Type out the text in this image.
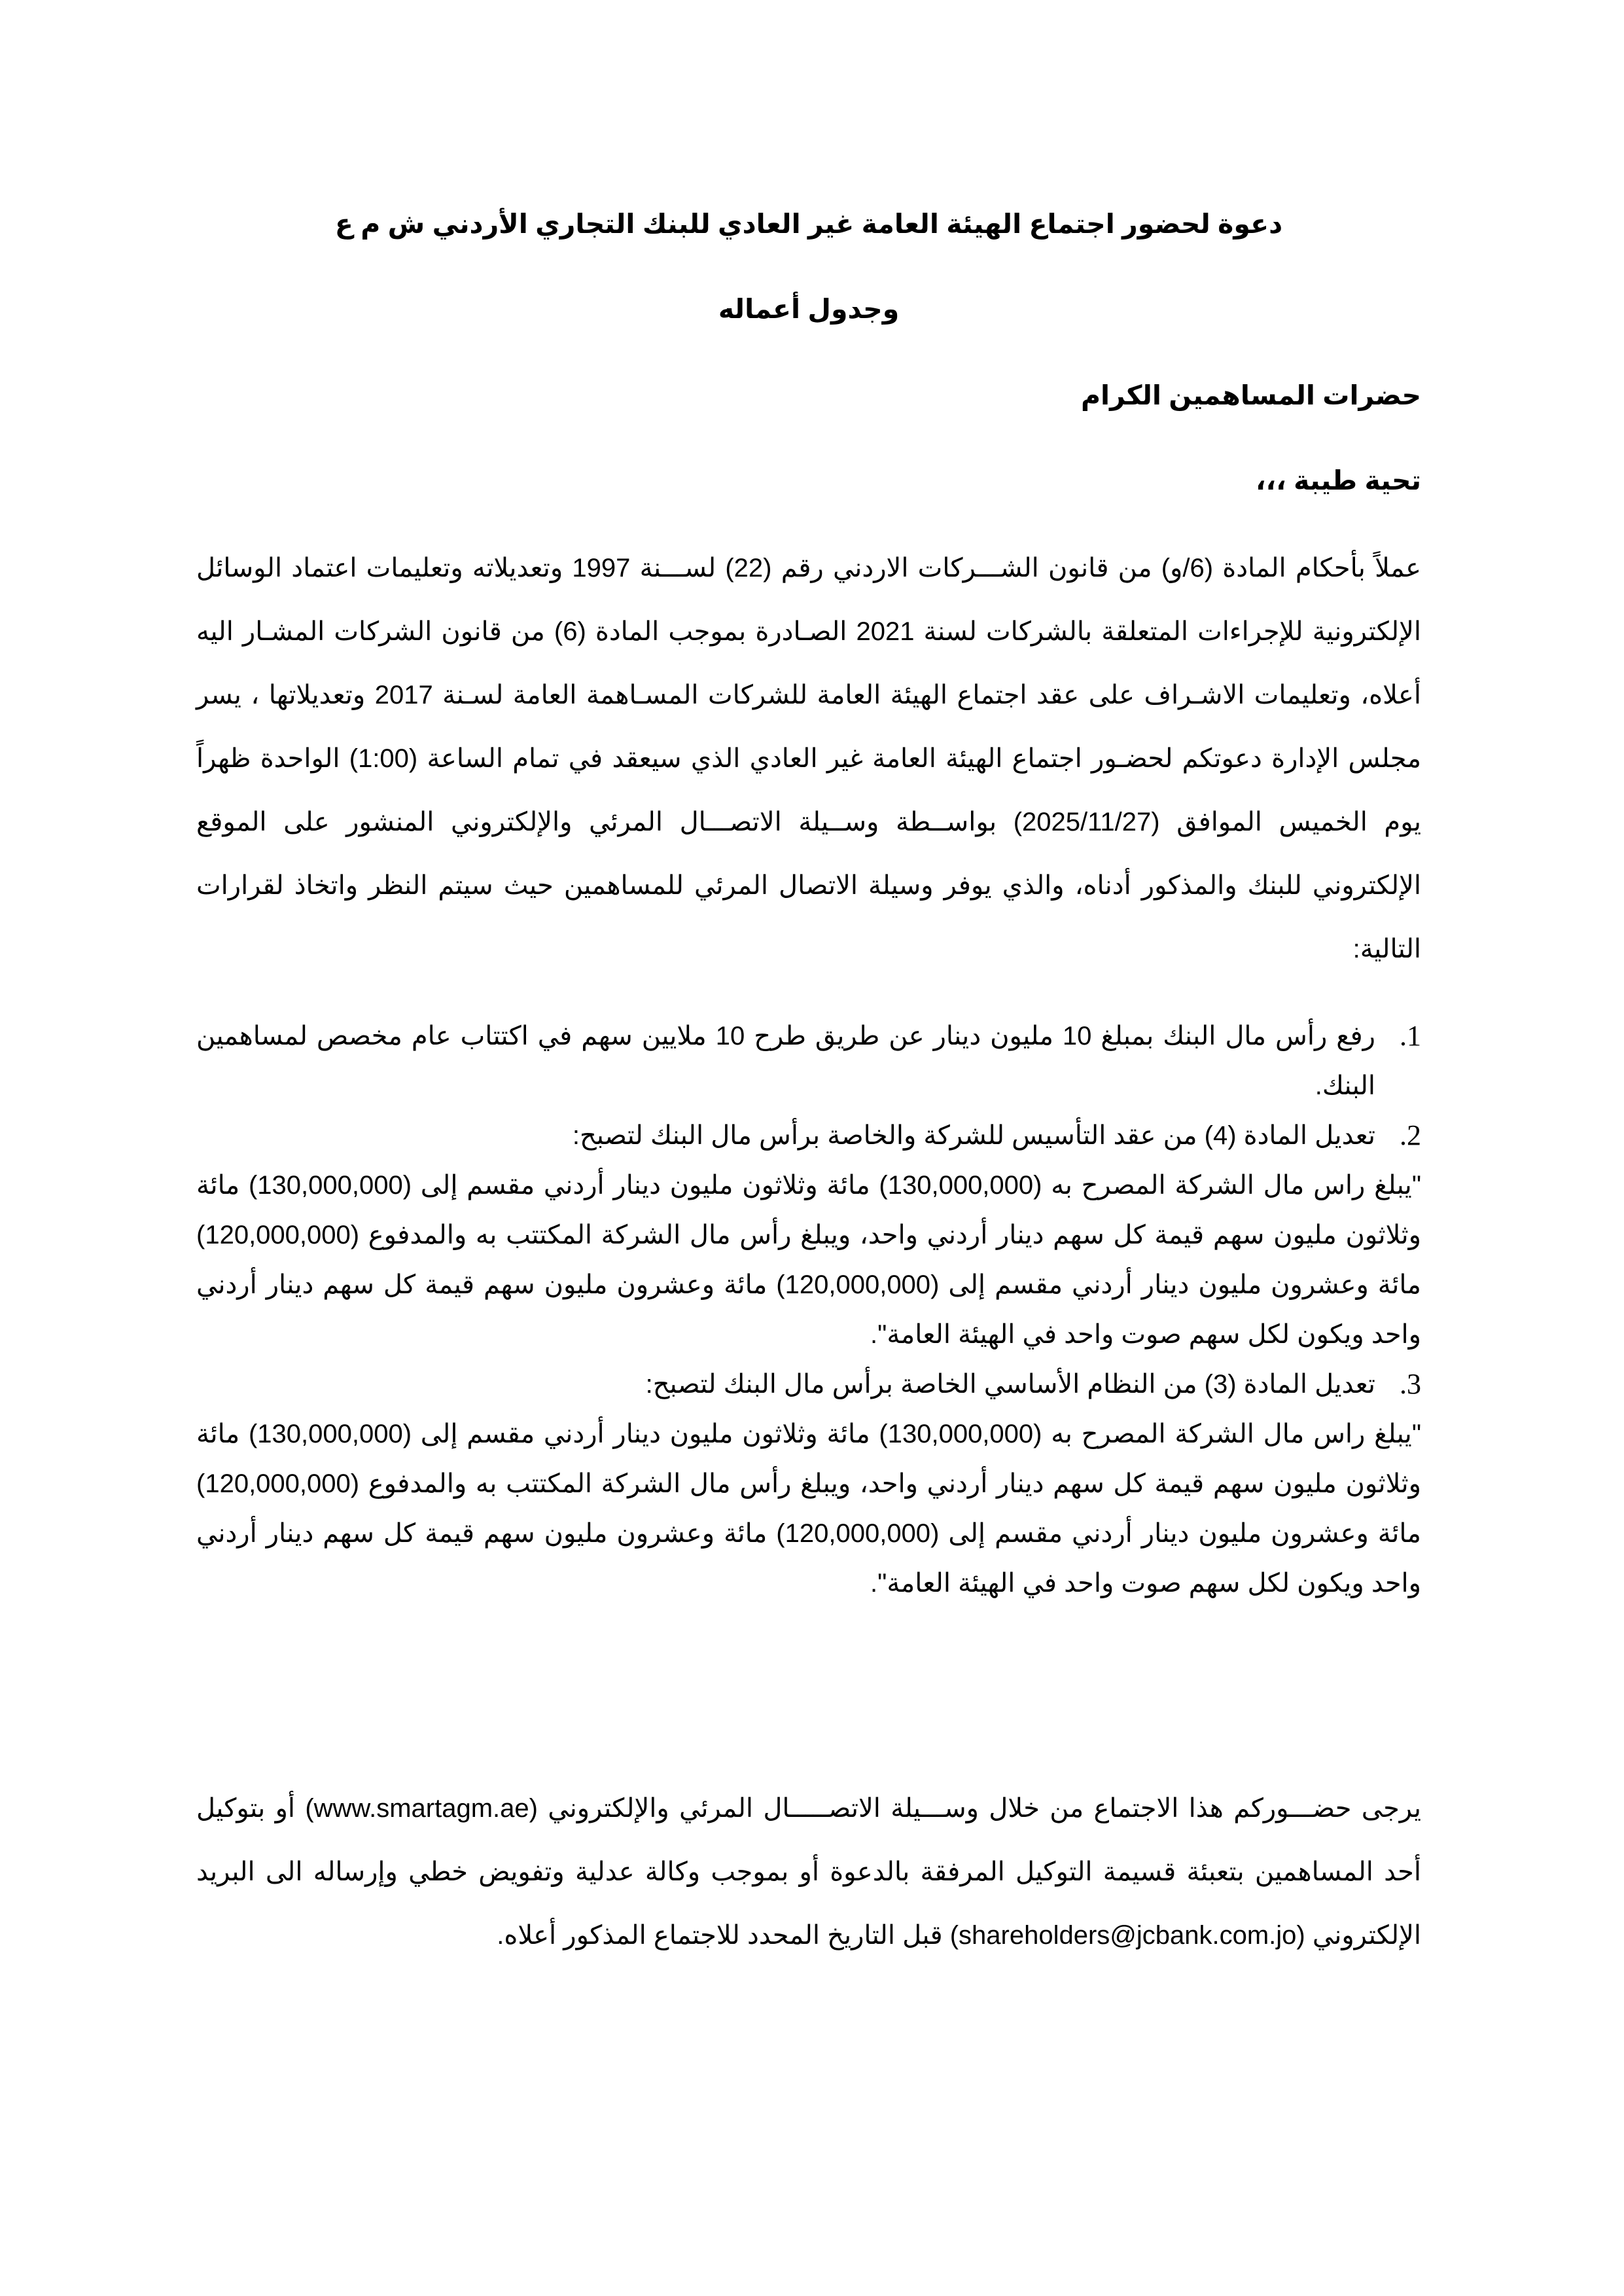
دعوة لحضور اجتماع الهيئة العامة غير العادي للبنك التجاري الأردني ش م ع
وجدول أعماله
حضرات المساهمين الكرام
تحية طيبة ،،،
عملاً بأحكام المادة (6/و) من قانون الشـــركات الاردني رقم (22) لســـنة 1997 وتعديلاته وتعليمات اعتماد الوسائل الإلكترونية للإجراءات المتعلقة بالشركات لسنة 2021 الصـادرة بموجب المادة (6) من قانون الشركات المشـار اليه أعلاه، وتعليمات الاشـراف على عقد اجتماع الهيئة العامة للشركات المسـاهمة العامة لسـنة 2017 وتعديلاتها ، يسر مجلس الإدارة دعوتكم لحضـور اجتماع الهيئة العامة غير العادي الذي سيعقد في تمام الساعة (1:00) الواحدة ظهراً يوم الخميس الموافق (2025/11/27) بواســطة وســيلة الاتصـــال المرئي والإلكتروني المنشور على الموقع الإلكتروني للبنك والمذكور أدناه، والذي يوفر وسيلة الاتصال المرئي للمساهمين حيث سيتم النظر واتخاذ لقرارات التالية:
1.
رفع رأس مال البنك بمبلغ 10 مليون دينار عن طريق طرح 10 ملايين سهم في اكتتاب عام مخصص لمساهمين البنك.
2.
تعديل المادة (4) من عقد التأسيس للشركة والخاصة برأس مال البنك لتصبح:
"يبلغ راس مال الشركة المصرح به (130,000,000) مائة وثلاثون مليون دينار أردني مقسم إلى (130,000,000) مائة وثلاثون مليون سهم قيمة كل سهم دينار أردني واحد، ويبلغ رأس مال الشركة المكتتب به والمدفوع (120,000,000) مائة وعشرون مليون دينار أردني مقسم إلى (120,000,000) مائة وعشرون مليون سهم قيمة كل سهم دينار أردني واحد ويكون لكل سهم صوت واحد في الهيئة العامة".
3.
تعديل المادة (3) من النظام الأساسي الخاصة برأس مال البنك لتصبح:
"يبلغ راس مال الشركة المصرح به (130,000,000) مائة وثلاثون مليون دينار أردني مقسم إلى (130,000,000) مائة وثلاثون مليون سهم قيمة كل سهم دينار أردني واحد، ويبلغ رأس مال الشركة المكتتب به والمدفوع (120,000,000) مائة وعشرون مليون دينار أردني مقسم إلى (120,000,000) مائة وعشرون مليون سهم قيمة كل سهم دينار أردني واحد ويكون لكل سهم صوت واحد في الهيئة العامة".
يرجى حضـــوركم هذا الاجتماع من خلال وســـيلة الاتصـــــال المرئي والإلكتروني (www.smartagm.ae) أو بتوكيل أحد المساهمين بتعبئة قسيمة التوكيل المرفقة بالدعوة أو بموجب وكالة عدلية وتفويض خطي وإرساله الى البريد الإلكتروني (shareholders@jcbank.com.jo) قبل التاريخ المحدد للاجتماع المذكور أعلاه.
